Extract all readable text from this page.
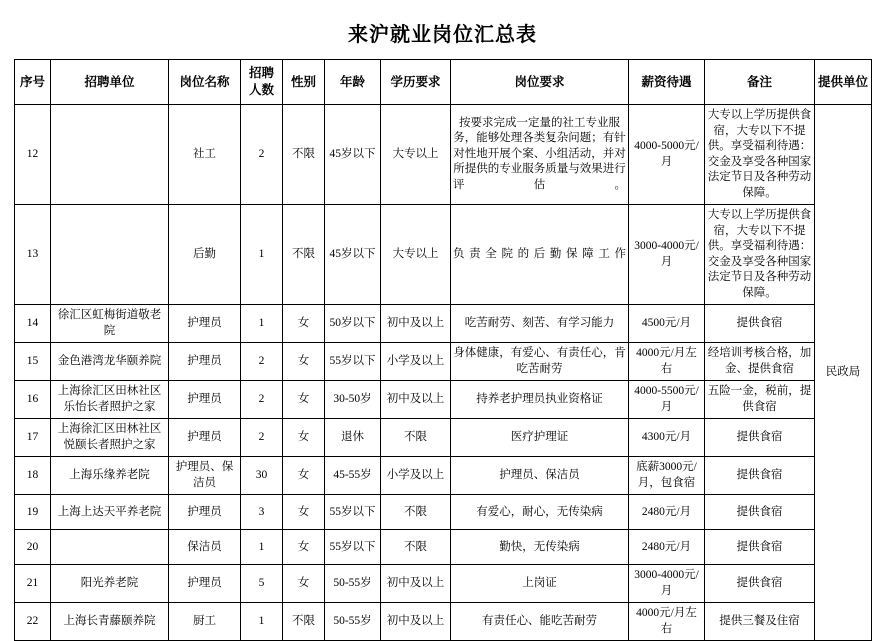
来沪就业岗位汇总表
序号	招聘单位	岗位名称	招聘人数	性别	年龄	学历要求	岗位要求	薪资待遇	备注	提供单位
12		社工	2	不限	45岁以下	大专以上	按要求完成一定量的社工专业服务，能够处理各类复杂问题；有针对性地开展个案、小组活动，并对所提供的专业服务质量与效果进行评估。	4000-5000元/月	大专以上学历提供食宿，大专以下不提供。享受福利待遇：交金及享受各种国家法定节日及各种劳动保障。	民政局
13		后勤	1	不限	45岁以下	大专以上	负责全院的后勤保障工作	3000-4000元/月	大专以上学历提供食宿，大专以下不提供。享受福利待遇：交金及享受各种国家法定节日及各种劳动保障。	
14	徐汇区虹梅街道敬老院	护理员	1	女	50岁以下	初中及以上	吃苦耐劳、刻苦、有学习能力	4500元/月	提供食宿	
15	金色港湾龙华颐养院	护理员	2	女	55岁以下	小学及以上	身体健康，有爱心、有责任心，肯吃苦耐劳	4000元/月左右	经培训考核合格，加金、提供食宿	
16	上海徐汇区田林社区乐怡长者照护之家	护理员	2	女	30-50岁	初中及以上	持养老护理员执业资格证	4000-5500元/月	五险一金，税前，提供食宿	
17	上海徐汇区田林社区悦颐长者照护之家	护理员	2	女	退休	不限	医疗护理证	4300元/月	提供食宿	
18	上海乐缘养老院	护理员、保洁员	30	女	45-55岁	小学及以上	护理员、保洁员	底薪3000元/月，包食宿	提供食宿	
19	上海上达天平养老院	护理员	3	女	55岁以下	不限	有爱心，耐心，无传染病	2480元/月	提供食宿	
20		保洁员	1	女	55岁以下	不限	勤快，无传染病	2480元/月	提供食宿	
21	阳光养老院	护理员	5	女	50-55岁	初中及以上	上岗证	3000-4000元/月	提供食宿	
22	上海长青藤颐养院	厨工	1	不限	50-55岁	初中及以上	有责任心、能吃苦耐劳	4000元/月左右	提供三餐及住宿	
